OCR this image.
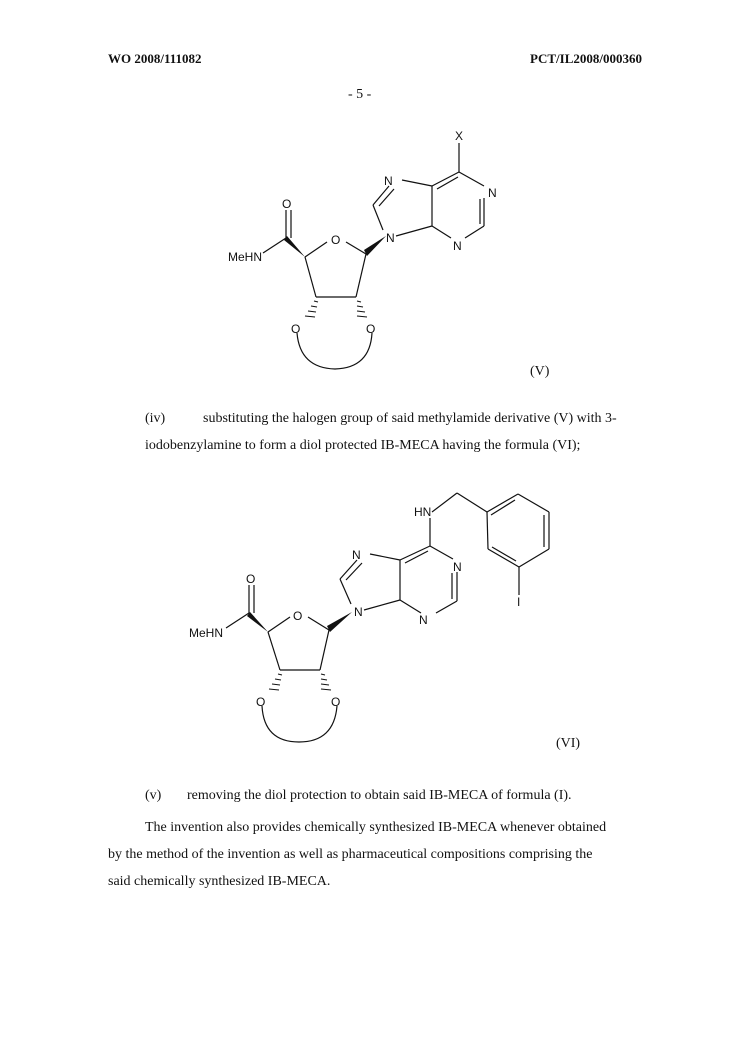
WO 2008/111082	PCT/IL2008/000360
- 5 -
X
N
N
N
N
O
MeHN
O
O	O
(V)
(iv)	substituting the halogen group of said methylamide derivative (V) with 3-
iodobenzylamine to form a diol protected IB-MECA having the formula (VI);
HN
I
N
N
N
N
O
MeHN
O
O	O
(VI)
(v) removing the diol protection to obtain said IB-MECA of formula (I).
The invention also provides chemically synthesized IB-MECA whenever obtained
by the method of the invention as well as pharmaceutical compositions comprising the
said chemically synthesized IB-MECA.
